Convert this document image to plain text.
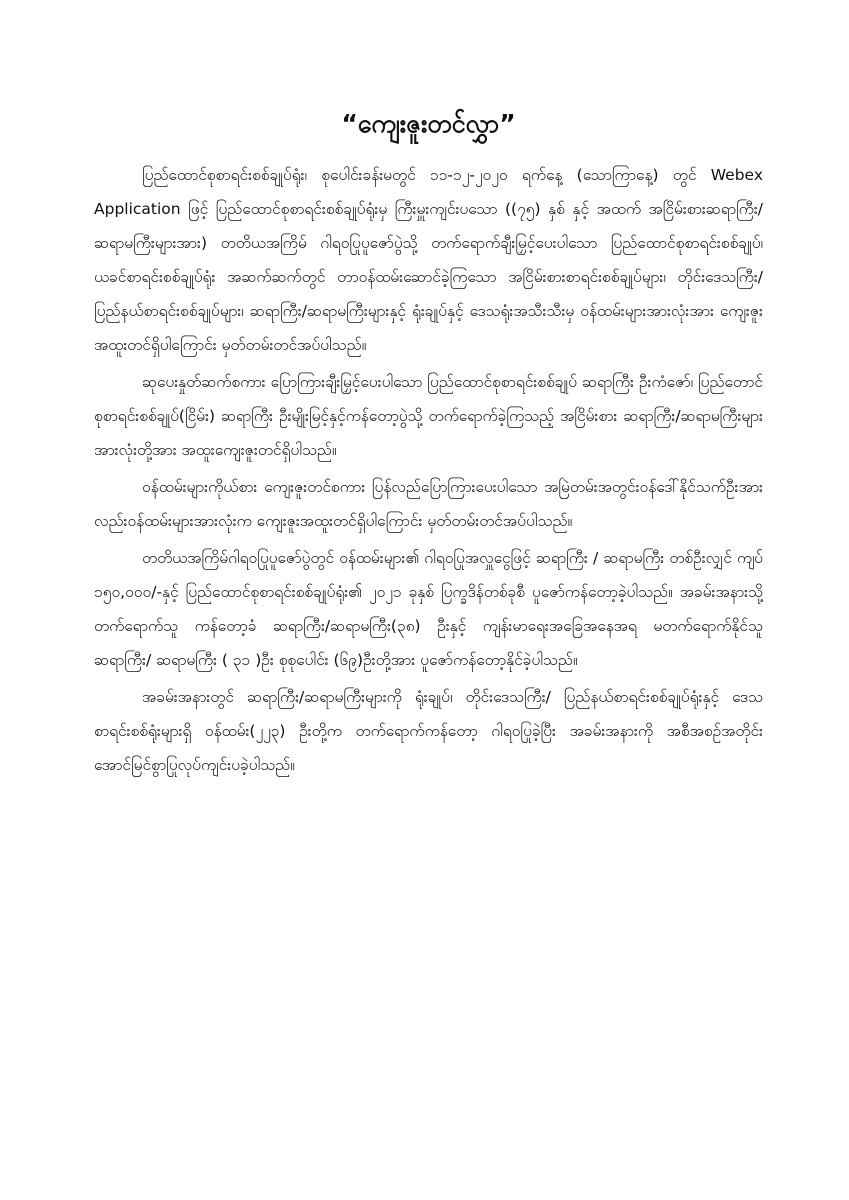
“ကျေးဇူးတင်လွှာ”

ပြည်ထောင်စုစာရင်းစစ်ချုပ်ရုံး၊ စုပေါင်းခန်းမတွင် ၁၁-၁၂-၂၀၂၀ ရက်နေ့ (သောကြာနေ့) တွင် Webex Application ဖြင့် ပြည်ထောင်စုစာရင်းစစ်ချုပ်ရုံးမှ ကြီးမှူးကျင်းပသော ((၇၅) နှစ် နှင့် အထက် အငြိမ်းစားဆရာကြီး/ဆရာမကြီးများအား) တတိယအကြိမ် ဂါရဝပြုပူဇော်ပွဲသို့ တက်ရောက်ချီးမြှင့်ပေးပါသော ပြည်ထောင်စုစာရင်းစစ်ချုပ်၊ ယခင်စာရင်းစစ်ချုပ်ရုံး အဆက်ဆက်တွင် တာဝန်ထမ်းဆောင်ခဲ့ကြသော အငြိမ်းစားစာရင်းစစ်ချုပ်များ၊ တိုင်းဒေသကြီး/ပြည်နယ်စာရင်းစစ်ချုပ်များ၊ ဆရာကြီး/ဆရာမကြီးများနှင့် ရုံးချုပ်နှင့် ဒေသရုံးအသီးသီးမှ ဝန်ထမ်းများအားလုံးအား ကျေးဇူးအထူးတင်ရှိပါကြောင်း မှတ်တမ်းတင်အပ်ပါသည်။

ဆုပေးနှုတ်ဆက်စကား ပြောကြားချီးမြှင့်ပေးပါသော ပြည်ထောင်စုစာရင်းစစ်ချုပ် ဆရာကြီး ဦးကံဇော်၊ ပြည်တောင်စုစာရင်းစစ်ချုပ်(ငြိမ်း) ဆရာကြီး ဦးမျိုးမြင့်နှင့်ကန်တော့ပွဲသို့ တက်ရောက်ခဲ့ကြသည့် အငြိမ်းစား ဆရာကြီး/ဆရာမကြီးများအားလုံးတို့အား အထူးကျေးဇူးတင်ရှိပါသည်။

ဝန်ထမ်းများကိုယ်စား ကျေးဇူးတင်စကား ပြန်လည်ပြောကြားပေးပါသော အမြဲတမ်းအတွင်းဝန်ဒေါ်နိုင်သက်ဦးအားလည်းဝန်ထမ်းများအားလုံးက ကျေးဇူးအထူးတင်ရှိပါကြောင်း မှတ်တမ်းတင်အပ်ပါသည်။

တတိယအကြိမ်ဂါရဝပြုပူဇော်ပွဲတွင် ဝန်ထမ်းများ၏ ဂါရဝပြုအလှူငွေဖြင့် ဆရာကြီး / ဆရာမကြီး တစ်ဦးလျှင် ကျပ် ၁၅၀,၀၀၀/-နှင့် ပြည်ထောင်စုစာရင်းစစ်ချုပ်ရုံး၏ ၂၀၂၁ ခုနှစ် ပြက္ခဒိန်တစ်ခုစီ ပူဇော်ကန်တော့ခဲ့ပါသည်။ အခမ်းအနားသို့တက်ရောက်သူ ကန်တော့ခံ ဆရာကြီး/ဆရာမကြီး(၃၈) ဦးနှင့် ကျန်းမာရေးအခြေအနေအရ မတက်ရောက်နိုင်သူ ဆရာကြီး/ ဆရာမကြီး ( ၃၁ )ဦး စုစုပေါင်း (၆၉)ဦးတို့အား ပူဇော်ကန်တော့နိုင်ခဲ့ပါသည်။

အခမ်းအနားတွင် ဆရာကြီး/ဆရာမကြီးများကို ရုံးချုပ်၊ တိုင်းဒေသကြီး/ ပြည်နယ်စာရင်းစစ်ချုပ်ရုံးနှင့် ဒေသစာရင်းစစ်ရုံးများရှိ ဝန်ထမ်း(၂၂၃) ဦးတို့က တက်ရောက်ကန်တော့ ဂါရဝပြုခဲ့ပြီး အခမ်းအနားကို အစီအစဉ်အတိုင်း အောင်မြင်စွာပြုလုပ်ကျင်းပခဲ့ပါသည်။
